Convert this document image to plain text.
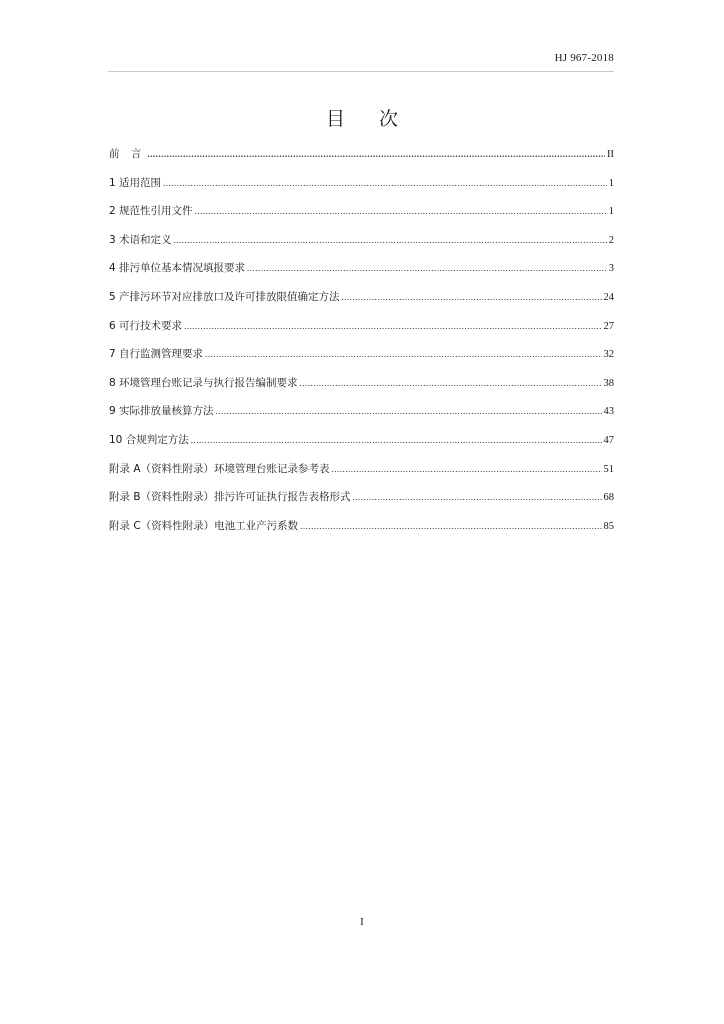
HJ 967-2018
目 次
前 言 .....	II
1 适用范围 .....	1
2 规范性引用文件 .....	1
3 术语和定义 .....	2
4 排污单位基本情况填报要求 .....	3
5 产排污环节对应排放口及许可排放限值确定方法 .....	24
6 可行技术要求 .....	27
7 自行监测管理要求 .....	32
8 环境管理台账记录与执行报告编制要求 .....	38
9 实际排放量核算方法 .....	43
10 合规判定方法 .....	47
附录 A（资料性附录）环境管理台账记录参考表 .....	51
附录 B（资料性附录）排污许可证执行报告表格形式 .....	68
附录 C（资料性附录）电池工业产污系数 .....	85
I
